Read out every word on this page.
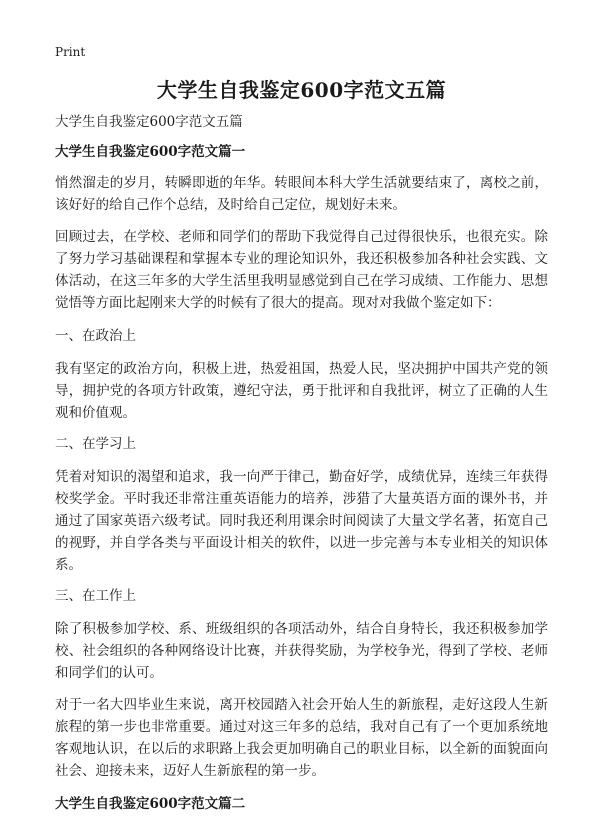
Print
大学生自我鉴定600字范文五篇
大学生自我鉴定600字范文五篇
大学生自我鉴定600字范文篇一

悄然溜走的岁月，转瞬即逝的年华。转眼间本科大学生活就要结束了，离校之前，该好好的给自己作个总结，及时给自己定位，规划好未来。

回顾过去，在学校、老师和同学们的帮助下我觉得自己过得很快乐，也很充实。除了努力学习基础课程和掌握本专业的理论知识外，我还积极参加各种社会实践、文体活动，在这三年多的大学生活里我明显感觉到自己在学习成绩、工作能力、思想觉悟等方面比起刚来大学的时候有了很大的提高。现对对我做个鉴定如下：

一、在政治上

我有坚定的政治方向，积极上进，热爱祖国，热爱人民，坚决拥护中国共产党的领导，拥护党的各项方针政策，遵纪守法，勇于批评和自我批评，树立了正确的人生观和价值观。

二、在学习上

凭着对知识的渴望和追求，我一向严于律己，勤奋好学，成绩优异，连续三年获得校奖学金。平时我还非常注重英语能力的培养，涉猎了大量英语方面的课外书，并通过了国家英语六级考试。同时我还利用课余时间阅读了大量文学名著，拓宽自己的视野，并自学各类与平面设计相关的软件，以进一步完善与本专业相关的知识体系。

三、在工作上

除了积极参加学校、系、班级组织的各项活动外，结合自身特长，我还积极参加学校、社会组织的各种网络设计比赛，并获得奖励，为学校争光，得到了学校、老师和同学们的认可。

对于一名大四毕业生来说，离开校园踏入社会开始人生的新旅程，走好这段人生新旅程的第一步也非常重要。通过对这三年多的总结，我对自己有了一个更加系统地客观地认识，在以后的求职路上我会更加明确自己的职业目标，以全新的面貌面向社会、迎接未来，迈好人生新旅程的第一步。

大学生自我鉴定600字范文篇二
